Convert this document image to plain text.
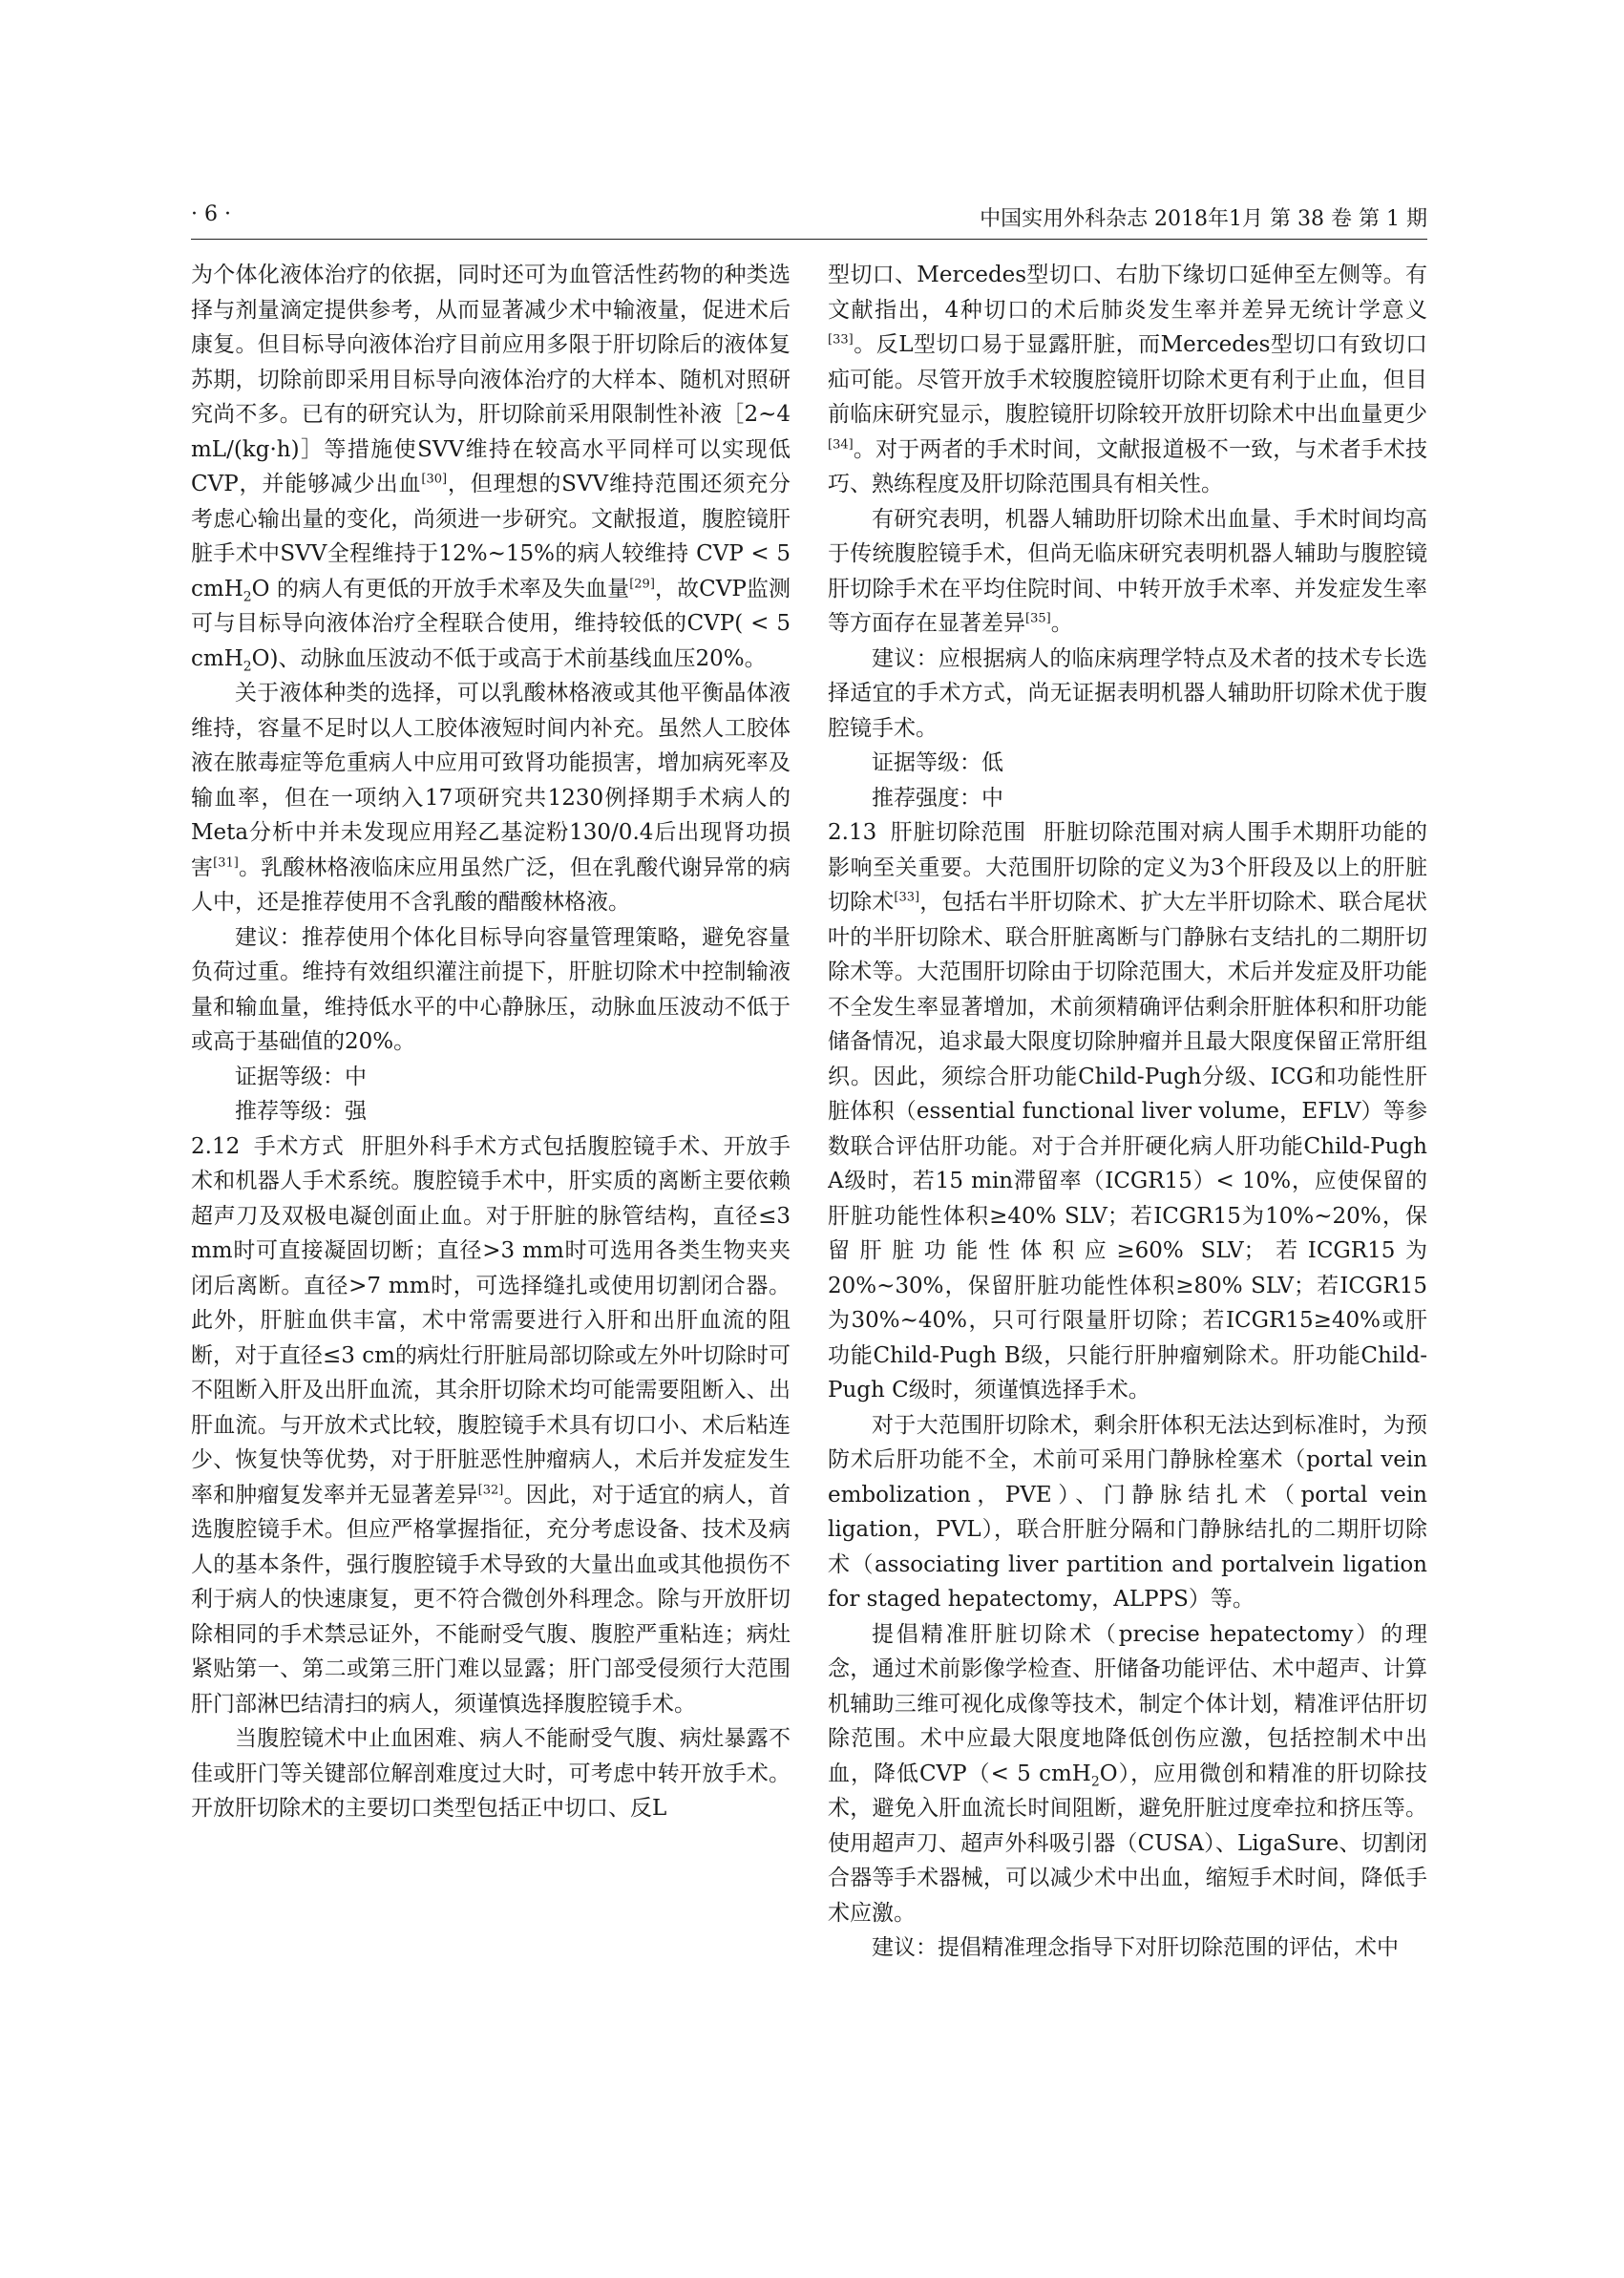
· 6 ·	中国实用外科杂志 2018年1月 第 38 卷 第 1 期

为个体化液体治疗的依据，同时还可为血管活性药物的种类选择与剂量滴定提供参考，从而显著减少术中输液量，促进术后康复。但目标导向液体治疗目前应用多限于肝切除后的液体复苏期，切除前即采用目标导向液体治疗的大样本、随机对照研究尚不多。已有的研究认为，肝切除前采用限制性补液［2~4 mL/(kg·h)］等措施使SVV维持在较高水平同样可以实现低CVP，并能够减少出血[30]，但理想的SVV维持范围还须充分考虑心输出量的变化，尚须进一步研究。文献报道，腹腔镜肝脏手术中SVV全程维持于12%~15%的病人较维持 CVP < 5 cmH$_2$O 的病人有更低的开放手术率及失血量[29]，故CVP监测可与目标导向液体治疗全程联合使用，维持较低的CVP( < 5 cmH$_2$O)、动脉血压波动不低于或高于术前基线血压20%。

关于液体种类的选择，可以乳酸林格液或其他平衡晶体液维持，容量不足时以人工胶体液短时间内补充。虽然人工胶体液在脓毒症等危重病人中应用可致肾功能损害，增加病死率及输血率，但在一项纳入17项研究共1230例择期手术病人的Meta分析中并未发现应用羟乙基淀粉130/0.4后出现肾功损害[31]。乳酸林格液临床应用虽然广泛，但在乳酸代谢异常的病人中，还是推荐使用不含乳酸的醋酸林格液。

建议：推荐使用个体化目标导向容量管理策略，避免容量负荷过重。维持有效组织灌注前提下，肝脏切除术中控制输液量和输血量，维持低水平的中心静脉压，动脉血压波动不低于或高于基础值的20%。

证据等级：中

推荐等级：强

2.12 手术方式 肝胆外科手术方式包括腹腔镜手术、开放手术和机器人手术系统。腹腔镜手术中，肝实质的离断主要依赖超声刀及双极电凝创面止血。对于肝脏的脉管结构，直径≤3 mm时可直接凝固切断；直径>3 mm时可选用各类生物夹夹闭后离断。直径>7 mm时，可选择缝扎或使用切割闭合器。此外，肝脏血供丰富，术中常需要进行入肝和出肝血流的阻断，对于直径≤3 cm的病灶行肝脏局部切除或左外叶切除时可不阻断入肝及出肝血流，其余肝切除术均可能需要阻断入、出肝血流。与开放术式比较，腹腔镜手术具有切口小、术后粘连少、恢复快等优势，对于肝脏恶性肿瘤病人，术后并发症发生率和肿瘤复发率并无显著差异[32]。因此，对于适宜的病人，首选腹腔镜手术。但应严格掌握指征，充分考虑设备、技术及病人的基本条件，强行腹腔镜手术导致的大量出血或其他损伤不利于病人的快速康复，更不符合微创外科理念。除与开放肝切除相同的手术禁忌证外，不能耐受气腹、腹腔严重粘连；病灶紧贴第一、第二或第三肝门难以显露；肝门部受侵须行大范围肝门部淋巴结清扫的病人，须谨慎选择腹腔镜手术。

当腹腔镜术中止血困难、病人不能耐受气腹、病灶暴露不佳或肝门等关键部位解剖难度过大时，可考虑中转开放手术。开放肝切除术的主要切口类型包括正中切口、反L

型切口、Mercedes型切口、右肋下缘切口延伸至左侧等。有文献指出，4种切口的术后肺炎发生率并差异无统计学意义[33]。反L型切口易于显露肝脏，而Mercedes型切口有致切口疝可能。尽管开放手术较腹腔镜肝切除术更有利于止血，但目前临床研究显示，腹腔镜肝切除较开放肝切除术中出血量更少[34]。对于两者的手术时间，文献报道极不一致，与术者手术技巧、熟练程度及肝切除范围具有相关性。

有研究表明，机器人辅助肝切除术出血量、手术时间均高于传统腹腔镜手术，但尚无临床研究表明机器人辅助与腹腔镜肝切除手术在平均住院时间、中转开放手术率、并发症发生率等方面存在显著差异[35]。

建议：应根据病人的临床病理学特点及术者的技术专长选择适宜的手术方式，尚无证据表明机器人辅助肝切除术优于腹腔镜手术。

证据等级：低

推荐强度：中

2.13 肝脏切除范围 肝脏切除范围对病人围手术期肝功能的影响至关重要。大范围肝切除的定义为3个肝段及以上的肝脏切除术[33]，包括右半肝切除术、扩大左半肝切除术、联合尾状叶的半肝切除术、联合肝脏离断与门静脉右支结扎的二期肝切除术等。大范围肝切除由于切除范围大，术后并发症及肝功能不全发生率显著增加，术前须精确评估剩余肝脏体积和肝功能储备情况，追求最大限度切除肿瘤并且最大限度保留正常肝组织。因此，须综合肝功能Child-Pugh分级、ICG和功能性肝脏体积（essential functional liver volume，EFLV）等参数联合评估肝功能。对于合并肝硬化病人肝功能Child-Pugh A级时，若15 min滞留率（ICGR15）< 10%，应使保留的肝脏功能性体积≥40% SLV；若ICGR15为10%~20%，保留肝脏功能性体积应≥60% SLV；若ICGR15为20%~30%，保留肝脏功能性体积≥80% SLV；若ICGR15为30%~40%，只可行限量肝切除；若ICGR15≥40%或肝功能Child-Pugh B级，只能行肝肿瘤剜除术。肝功能Child-Pugh C级时，须谨慎选择手术。

对于大范围肝切除术，剩余肝体积无法达到标准时，为预防术后肝功能不全，术前可采用门静脉栓塞术（portal vein embolization，PVE）、门静脉结扎术（portal vein ligation，PVL），联合肝脏分隔和门静脉结扎的二期肝切除术（associating liver partition and portalvein ligation for staged hepatectomy，ALPPS）等。

提倡精准肝脏切除术（precise hepatectomy）的理念，通过术前影像学检查、肝储备功能评估、术中超声、计算机辅助三维可视化成像等技术，制定个体计划，精准评估肝切除范围。术中应最大限度地降低创伤应激，包括控制术中出血，降低CVP（< 5 cmH$_2$O），应用微创和精准的肝切除技术，避免入肝血流长时间阻断，避免肝脏过度牵拉和挤压等。使用超声刀、超声外科吸引器（CUSA）、LigaSure、切割闭合器等手术器械，可以减少术中出血，缩短手术时间，降低手术应激。

建议：提倡精准理念指导下对肝切除范围的评估，术中
